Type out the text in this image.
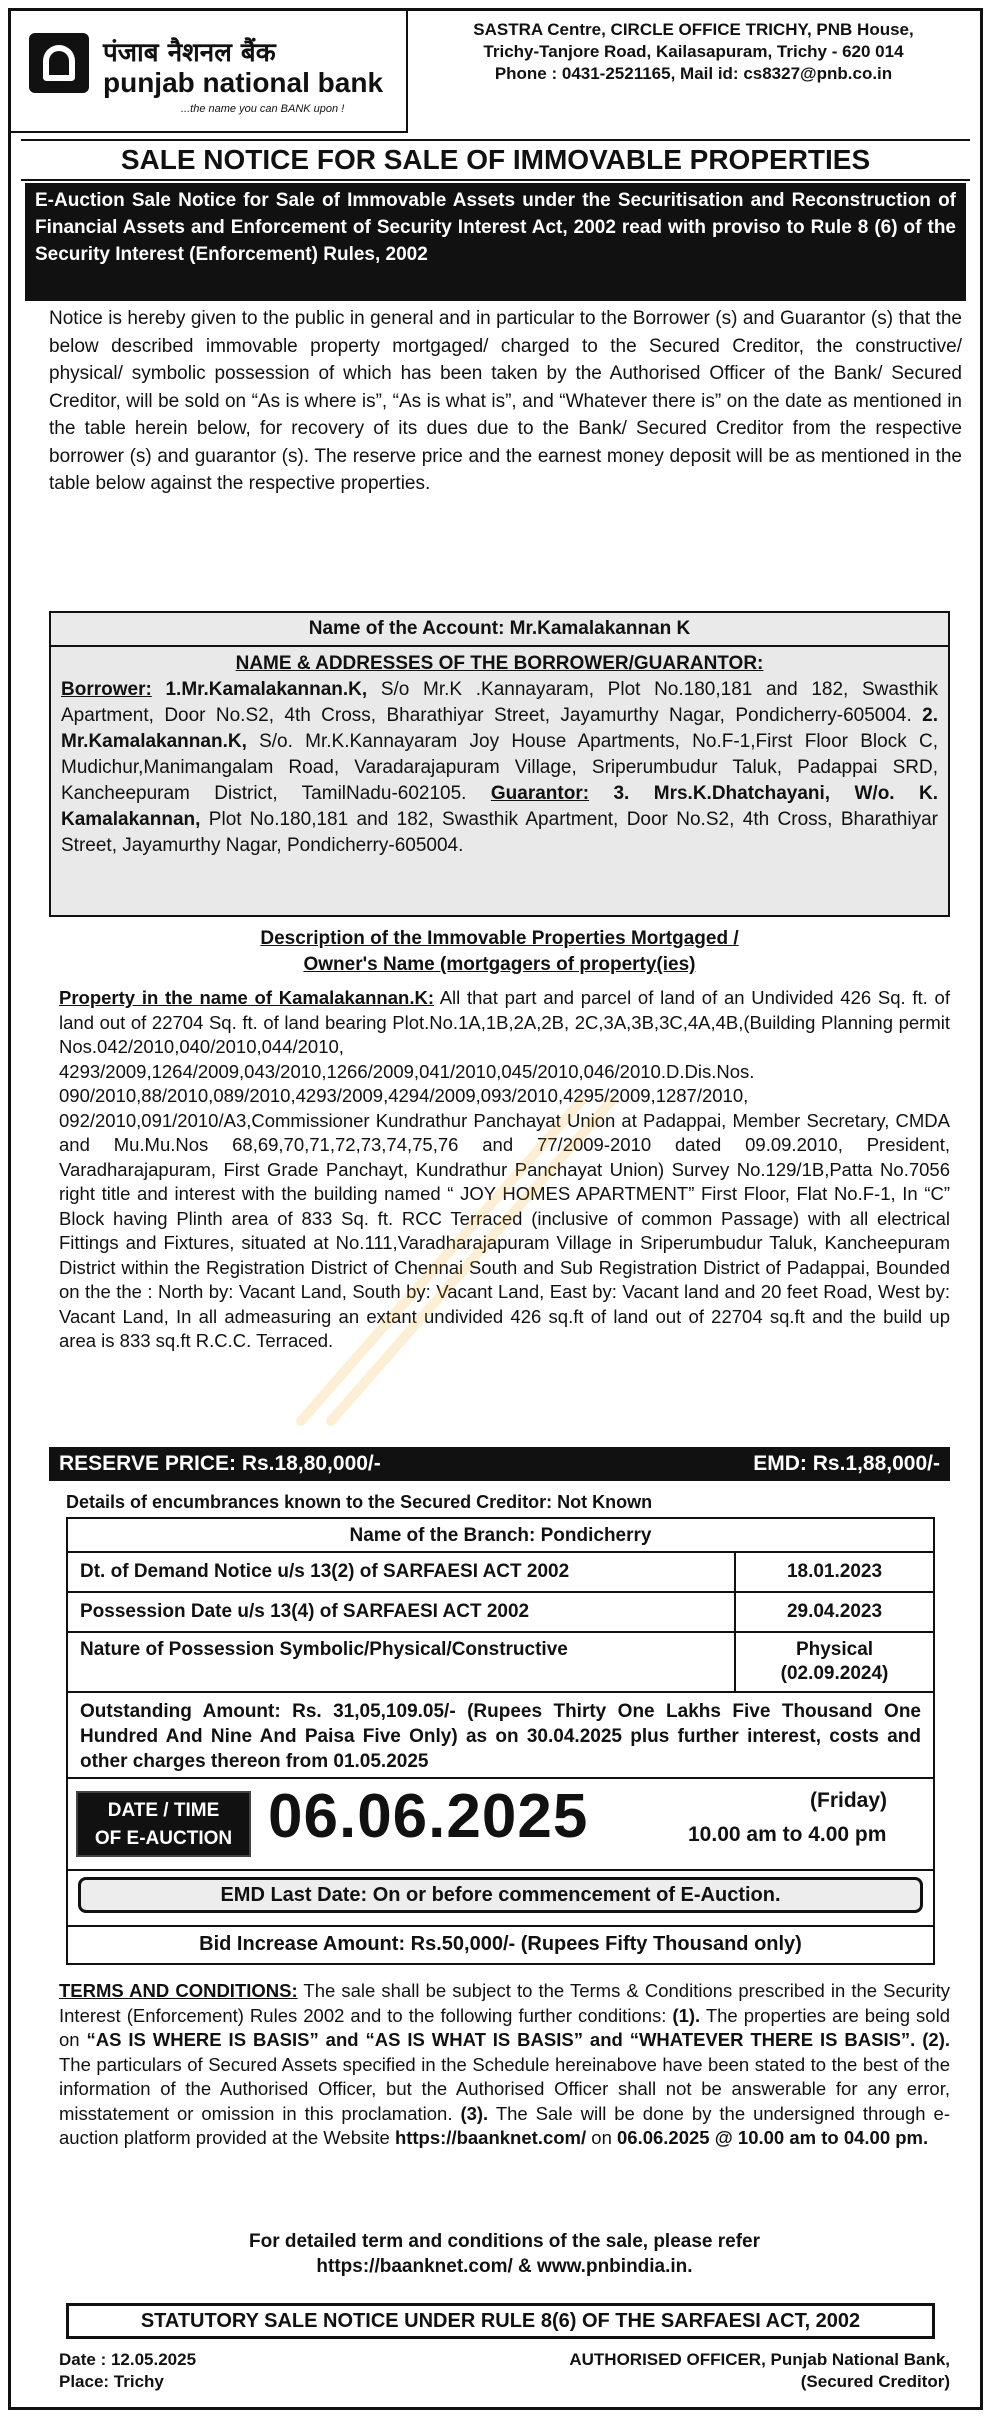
पंजाब नैशनल बैंक
punjab national bank
...the name you can BANK upon !
SASTRA Centre, CIRCLE OFFICE TRICHY, PNB House,
Trichy-Tanjore Road, Kailasapuram, Trichy - 620 014
Phone : 0431-2521165, Mail id: cs8327@pnb.co.in
SALE NOTICE FOR SALE OF IMMOVABLE PROPERTIES
E-Auction Sale Notice for Sale of Immovable Assets under the Securitisation and Reconstruction of Financial Assets and Enforcement of Security Interest Act, 2002 read with proviso to Rule 8 (6) of the Security Interest (Enforcement) Rules, 2002
Notice is hereby given to the public in general and in particular to the Borrower (s) and Guarantor (s) that the below described immovable property mortgaged/ charged to the Secured Creditor, the constructive/ physical/ symbolic possession of which has been taken by the Authorised Officer of the Bank/ Secured Creditor, will be sold on “As is where is”, “As is what is”, and “Whatever there is” on the date as mentioned in the table herein below, for recovery of its dues due to the Bank/ Secured Creditor from the respective borrower (s) and guarantor (s). The reserve price and the earnest money deposit will be as mentioned in the table below against the respective properties.
Name of the Account: Mr.Kamalakannan K
NAME & ADDRESSES OF THE BORROWER/GUARANTOR:
Borrower: 1.Mr.Kamalakannan.K, S/o Mr.K .Kannayaram, Plot No.180,181 and 182, Swasthik Apartment, Door No.S2, 4th Cross, Bharathiyar Street, Jayamurthy Nagar, Pondicherry-605004. 2. Mr.Kamalakannan.K, S/o. Mr.K.Kannayaram Joy House Apartments, No.F-1,First Floor Block C, Mudichur,Manimangalam Road, Varadarajapuram Village, Sriperumbudur Taluk, Padappai SRD, Kancheepuram District, TamilNadu-602105. Guarantor: 3. Mrs.K.Dhatchayani, W/o. K. Kamalakannan, Plot No.180,181 and 182, Swasthik Apartment, Door No.S2, 4th Cross, Bharathiyar Street, Jayamurthy Nagar, Pondicherry-605004.
Description of the Immovable Properties Mortgaged /
Owner's Name (mortgagers of property(ies)
Property in the name of Kamalakannan.K: All that part and parcel of land of an Undivided 426 Sq. ft. of land out of 22704 Sq. ft. of land bearing Plot.No.1A,1B,2A,2B, 2C,3A,3B,3C,4A,4B,(Building Planning permit Nos.042/2010,040/2010,044/2010, 4293/2009,1264/2009,043/2010,1266/2009,041/2010,045/2010,046/2010.D.Dis.Nos. 090/2010,88/2010,089/2010,4293/2009,4294/2009,093/2010,4295/2009,1287/2010, 092/2010,091/2010/A3,Commissioner Kundrathur Panchayat Union at Padappai, Member Secretary, CMDA and Mu.Mu.Nos 68,69,70,71,72,73,74,75,76 and 77/2009-2010 dated 09.09.2010, President, Varadharajapuram, First Grade Panchayt, Kundrathur Panchayat Union) Survey No.129/1B,Patta No.7056 right title and interest with the building named “ JOY HOMES APARTMENT” First Floor, Flat No.F-1, In “C” Block having Plinth area of 833 Sq. ft. RCC Terraced (inclusive of common Passage) with all electrical Fittings and Fixtures, situated at No.111,Varadharajapuram Village in Sriperumbudur Taluk, Kancheepuram District within the Registration District of Chennai South and Sub Registration District of Padappai, Bounded on the the : North by: Vacant Land, South by: Vacant Land, East by: Vacant land and 20 feet Road, West by: Vacant Land, In all admeasuring an extant undivided 426 sq.ft of land out of 22704 sq.ft and the build up area is 833 sq.ft R.C.C. Terraced.
RESERVE PRICE: Rs.18,80,000/-	EMD: Rs.1,88,000/-
Details of encumbrances known to the Secured Creditor: Not Known
Name of the Branch: Pondicherry
Dt. of Demand Notice u/s 13(2) of SARFAESI ACT 2002	18.01.2023
Possession Date u/s 13(4) of SARFAESI ACT 2002	29.04.2023
Nature of Possession Symbolic/Physical/Constructive	Physical
(02.09.2024)
Outstanding Amount: Rs. 31,05,109.05/- (Rupees Thirty One Lakhs Five Thousand One Hundred And Nine And Paisa Five Only) as on 30.04.2025 plus further interest, costs and other charges thereon from 01.05.2025
DATE / TIME
OF E-AUCTION 06.06.2025	(Friday)
10.00 am to 4.00 pm
EMD Last Date: On or before commencement of E-Auction.
Bid Increase Amount: Rs.50,000/- (Rupees Fifty Thousand only)
TERMS AND CONDITIONS: The sale shall be subject to the Terms & Conditions prescribed in the Security Interest (Enforcement) Rules 2002 and to the following further conditions: (1). The properties are being sold on “AS IS WHERE IS BASIS” and “AS IS WHAT IS BASIS” and “WHATEVER THERE IS BASIS”. (2). The particulars of Secured Assets specified in the Schedule hereinabove have been stated to the best of the information of the Authorised Officer, but the Authorised Officer shall not be answerable for any error, misstatement or omission in this proclamation. (3). The Sale will be done by the undersigned through e-auction platform provided at the Website https://baanknet.com/ on 06.06.2025 @ 10.00 am to 04.00 pm.
For detailed term and conditions of the sale, please refer
https://baanknet.com/ & www.pnbindia.in.
STATUTORY SALE NOTICE UNDER RULE 8(6) OF THE SARFAESI ACT, 2002
Date : 12.05.2025
Place: Trichy
AUTHORISED OFFICER, Punjab National Bank,
(Secured Creditor)
